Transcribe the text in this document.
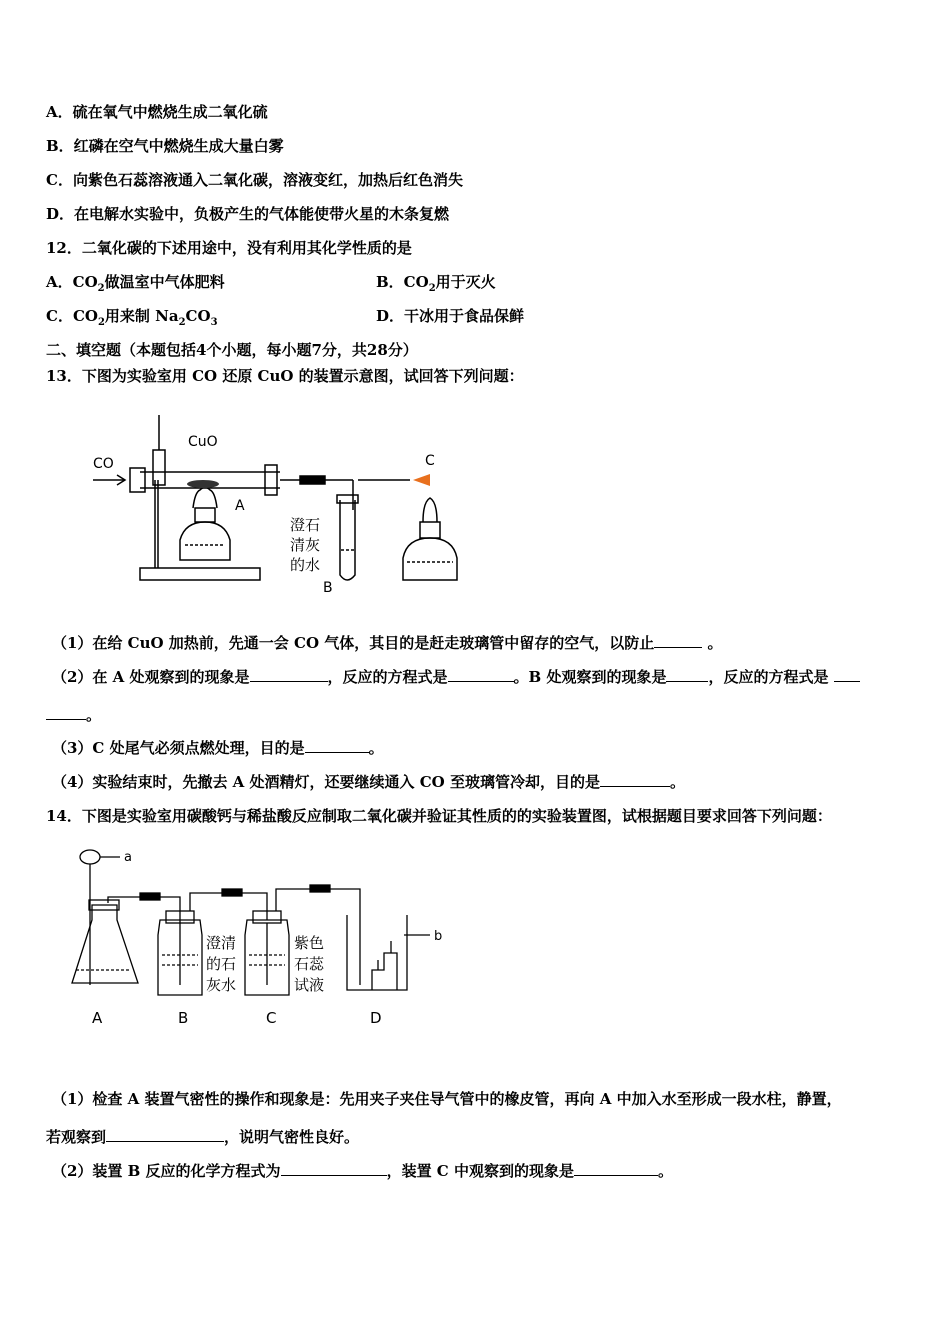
A．硫在氧气中燃烧生成二氧化硫
B．红磷在空气中燃烧生成大量白雾
C．向紫色石蕊溶液通入二氧化碳，溶液变红，加热后红色消失
D．在电解水实验中，负极产生的气体能使带火星的木条复燃
12．二氧化碳的下述用途中，没有利用其化学性质的是
A．$CO_2$做温室中气体肥料	B．$CO_2$用于灭火
C．$CO_2$用来制 $Na_2CO_3$	D．干冰用于食品保鲜
二、填空题（本题包括4个小题，每小题7分，共28分）
13．下图为实验室用 CO 还原 CuO 的装置示意图，试回答下列问题：
CO
CuO
A
B
C
澄石
清灰
的水
（1）在给 CuO 加热前，先通一会 CO 气体，其目的是赶走玻璃管中留存的空气，以防止	。
（2）在 A 处观察到的现象是	，反应的方程式是	。B 处观察到的现象是	，反应的方程式是
。
（3）C 处尾气必须点燃处理，目的是	。
（4）实验结束时，先撤去 A 处酒精灯，还要继续通入 CO 至玻璃管冷却，目的是	。
14．下图是实验室用碳酸钙与稀盐酸反应制取二氧化碳并验证其性质的的实验装置图，试根据题目要求回答下列问题：
a
b
A	B	C	D
澄清
的石
灰水
紫色
石蕊
试液
（1）检查 A 装置气密性的操作和现象是：先用夹子夹住导气管中的橡皮管，再向 A 中加入水至形成一段水柱，静置，
若观察到	，说明气密性良好。
（2）装置 B 反应的化学方程式为	，装置 C 中观察到的现象是	。
